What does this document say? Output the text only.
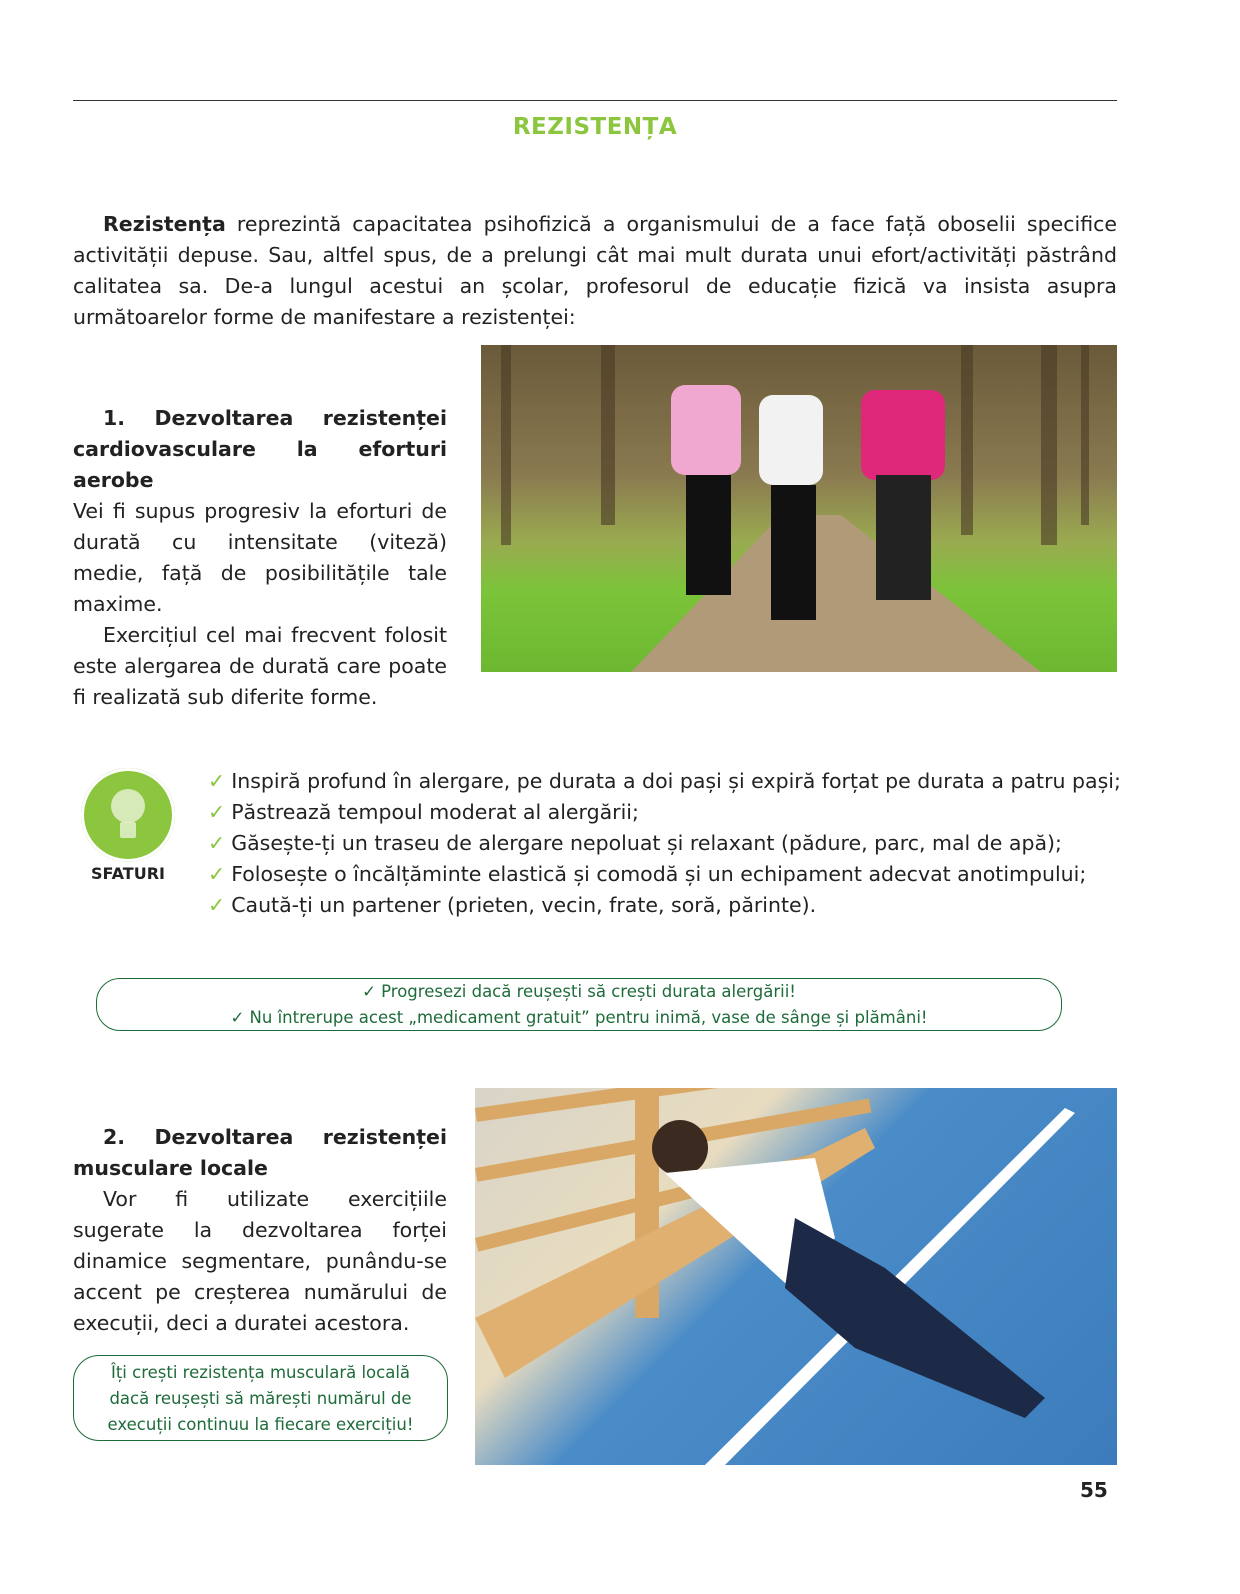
REZISTENȚA

Rezistența reprezintă capacitatea psihofizică a organismului de a face față oboselii specifice activității depuse. Sau, altfel spus, de a prelungi cât mai mult durata unui efort/activități păstrând calitatea sa. De-a lungul acestui an școlar, profesorul de educație fizică va insista asupra următoarelor forme de manifestare a rezistenței:

1. Dezvoltarea rezistenței cardiovasculare la eforturi aerobe

Vei fi supus progresiv la eforturi de durată cu intensitate (viteză) medie, față de posibilitățile tale maxime.

Exercițiul cel mai frecvent folosit este alergarea de durată care poate fi realizată sub diferite forme.

SFATURI
✓ Inspiră profund în alergare, pe durata a doi pași și expiră forțat pe durata a patru pași;
✓ Păstrează tempoul moderat al alergării;
✓ Găsește-ți un traseu de alergare nepoluat și relaxant (pădure, parc, mal de apă);
✓ Folosește o încălțăminte elastică și comodă și un echipament adecvat anotimpului;
✓ Caută-ți un partener (prieten, vecin, frate, soră, părinte).
✓ Progresezi dacă reușești să crești durata alergării!
✓ Nu întrerupe acest „medicament gratuit” pentru inimă, vase de sânge și plămâni!

2. Dezvoltarea rezistenței musculare locale

Vor fi utilizate exercițiile sugerate la dezvoltarea forței dinamice segmentare, punându-se accent pe creșterea numărului de execuții, deci a duratei acestora.

Îți crești rezistența musculară locală dacă reușești să mărești numărul de execuții continuu la fiecare exercițiu!
55
